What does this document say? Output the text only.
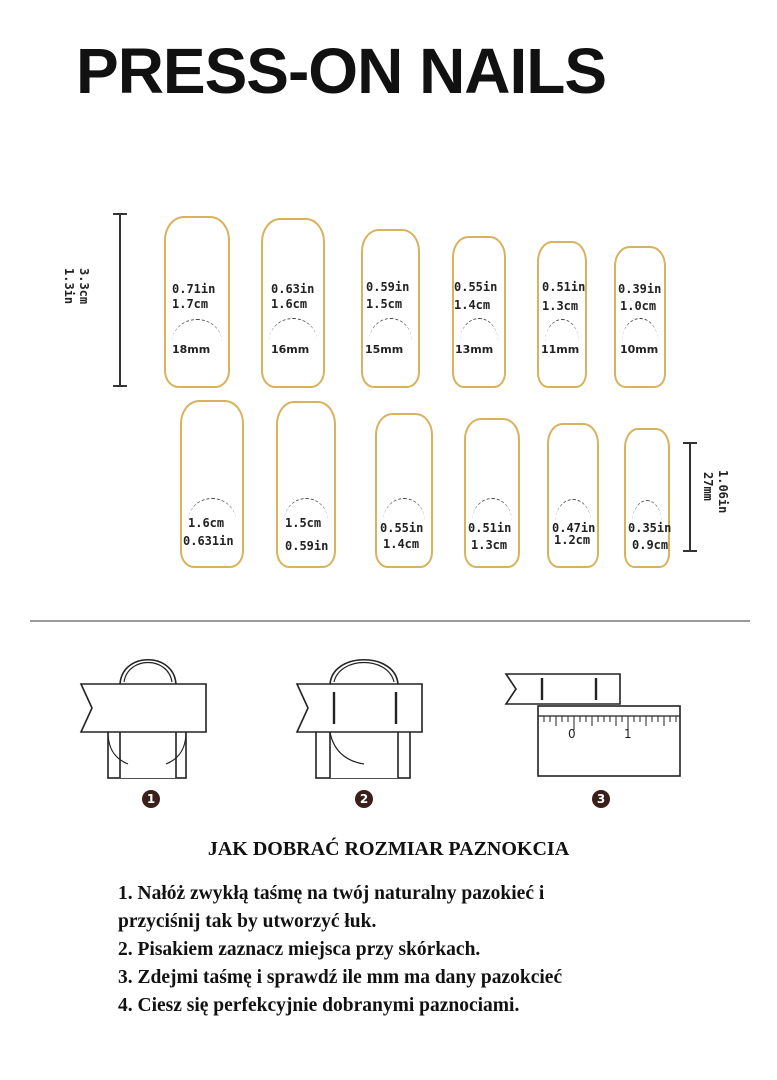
PRESS-ON NAILS
3.3cm
1.3in	0.71in
1.7cm
18mm
0.63in
1.6cm
16mm
0.59in
1.5cm
15mm
0.55in
1.4cm
13mm
0.51in
1.3cm
11mm
0.39in
1.0cm
10mm
1.6cm
0.631in
1.5cm
0.59in
0.55in
1.4cm
0.51in
1.3cm
0.47in
1.2cm
0.35in
0.9cm
1.06in
27mm
0	1
1	2	3
JAK DOBRAĆ ROZMIAR PAZNOKCIA
1. Nałóż zwykłą taśmę na twój naturalny pazokieć i
przyciśnij tak by utworzyć łuk.
2. Pisakiem zaznacz miejsca przy skórkach.
3. Zdejmi taśmę i sprawdź ile mm ma dany pazokcieć
4. Ciesz się perfekcyjnie dobranymi paznociami.
